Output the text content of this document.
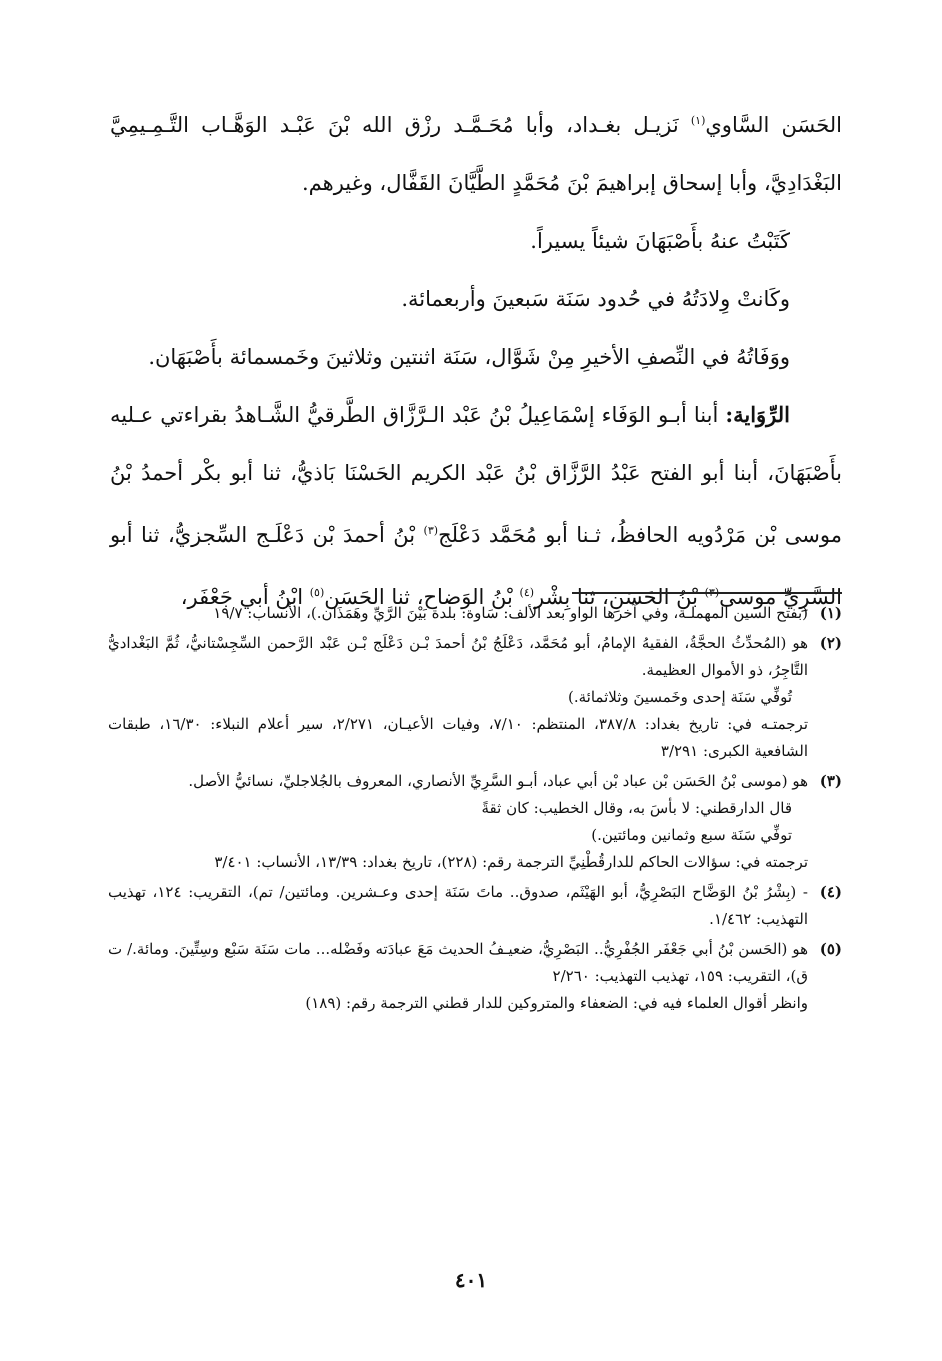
الحَسَن السَّاوي$^{(١)}$ نَزيـل بغـداد، وأبا مُحَـمَّـد رزْق الله بْنَ عَبْـد الوَهَّـاب التَّـمِـيمِيَّ البَغْدَادِيَّ، وأبا إسحاق إبراهيمَ بْنَ مُحَمَّدٍ الطَّيَّانَ القَفَّال، وغيرهم.

كَتَبْتُ عنهُ بأَصْبَهَانَ شيئاً يسيراً.

وكَانتْ وِلادَتُهُ في حُدود سَنَة سَبعينَ وأربعمائة.

ووَفَاتُهُ في النِّصفِ الأخيرِ مِنْ شَوَّال، سَنَة اثنتين وثلاثينَ وخَمسمائة بأَصْبَهَان.

الرِّوَاية: أبنا أبـو الوَفَاء إسْمَاعِيلُ بْنُ عَبْد الـرَّزَّاق الطَّرقيُّ الشَّـاهدُ بقراءتي عـليه بأَصْبَهَانَ، أبنا أبو الفتح عَبْدُ الرَّزَّاق بْنُ عَبْد الكريم الحَسْنَا بَاذيُّ، ثنا أبو بكْر أحمدُ بْنُ موسى بْن مَرْدُويه الحافظُ، ثـنا أبو مُحَمَّد دَعْلَج$^{(٣)}$ بْنُ أحمدَ بْن دَعْلَـج السِّجزيُّ، ثنا أبو السَّرِيِّ موسى$^{(٣)}$ بْنُ الحَسَنِ، ثنا بِشْر$^{(٤)}$ بْنُ الوَضاح، ثنا الحَسَن$^{(٥)}$ ابْنُ أبي جَعْفَر،

(١)
(بفتح السين المهملـة، وفي آخرها الواو بعد الألف: سَاوة: بلدة بَيْنَ الرَّيِّ وهَمَذَان.)، الأنساب: ١٩/٧
(٢)
هو (المُحدِّثُ الحجَّةُ، الفقيهُ الإمامُ، أبو مُحَمَّد، دَعْلَجُ بْنُ أحمدَ بْـن دَعْلَج بْـن عَبْد الرَّحمن السِّجِسْتانيُّ، ثُمَّ البَغْداديُّ التَّاجِرُ، ذو الأموال العظيمة.
تُوفِّي سَنَة إحدى وخَمسينَ وثلاثمائة.)
ترجمتـه في: تاريخ بغداد: ٣٨٧/٨، المنتظم: ٧/١٠، وفيات الأعيـان، ٢/٢٧١، سير أعلام النبلاء: ١٦/٣٠، طبقات الشافعية الكبرى: ٣/٢٩١
(٣)
هو (موسى بْنُ الحَسَن بْن عباد بْن أبي عباد، أبـو السَّرِيِّ الأنصاري، المعروف بالجُلاجليِّ، نسائيُّ الأصل.
قال الدارقطني: لا بأسَ به، وقال الخطيب: كان ثقةً
توفِّي سَنَة سبع وثمانين ومائتين.)
ترجمته في: سؤالات الحاكم للدارقُطْنِيِّ الترجمة رقم: (٢٢٨)، تاريخ بغداد: ١٣/٣٩، الأنساب: ٣/٤٠١
(٤)
- (بِشْرُ بْنُ الوَضَّاح البَصْرِيُّ، أبو الهَيْثَم، صدوق.. ماتَ سَنَة إحدى وعـشرين. ومائتين/ تم)، التقريب: ١٢٤، تهذيب التهذيب: ١/٤٦٢.
(٥)
هو (الحَسن بْنُ أبي جَعْفَر الجُفْرِيُّ.. البَصْرِيُّ، ضعيـفُ الحديث مَعَ عبادَته وفَضْله... مات سَنَة سَبْع وسِتِّينَ. ومائة./ ت ق)، التقريب: ١٥٩، تهذيب التهذيب: ٢/٢٦٠
وانظر أقوال العلماء فيه في: الضعفاء والمتروكين للدار قطني الترجمة رقم: (١٨٩)
٤٠١
